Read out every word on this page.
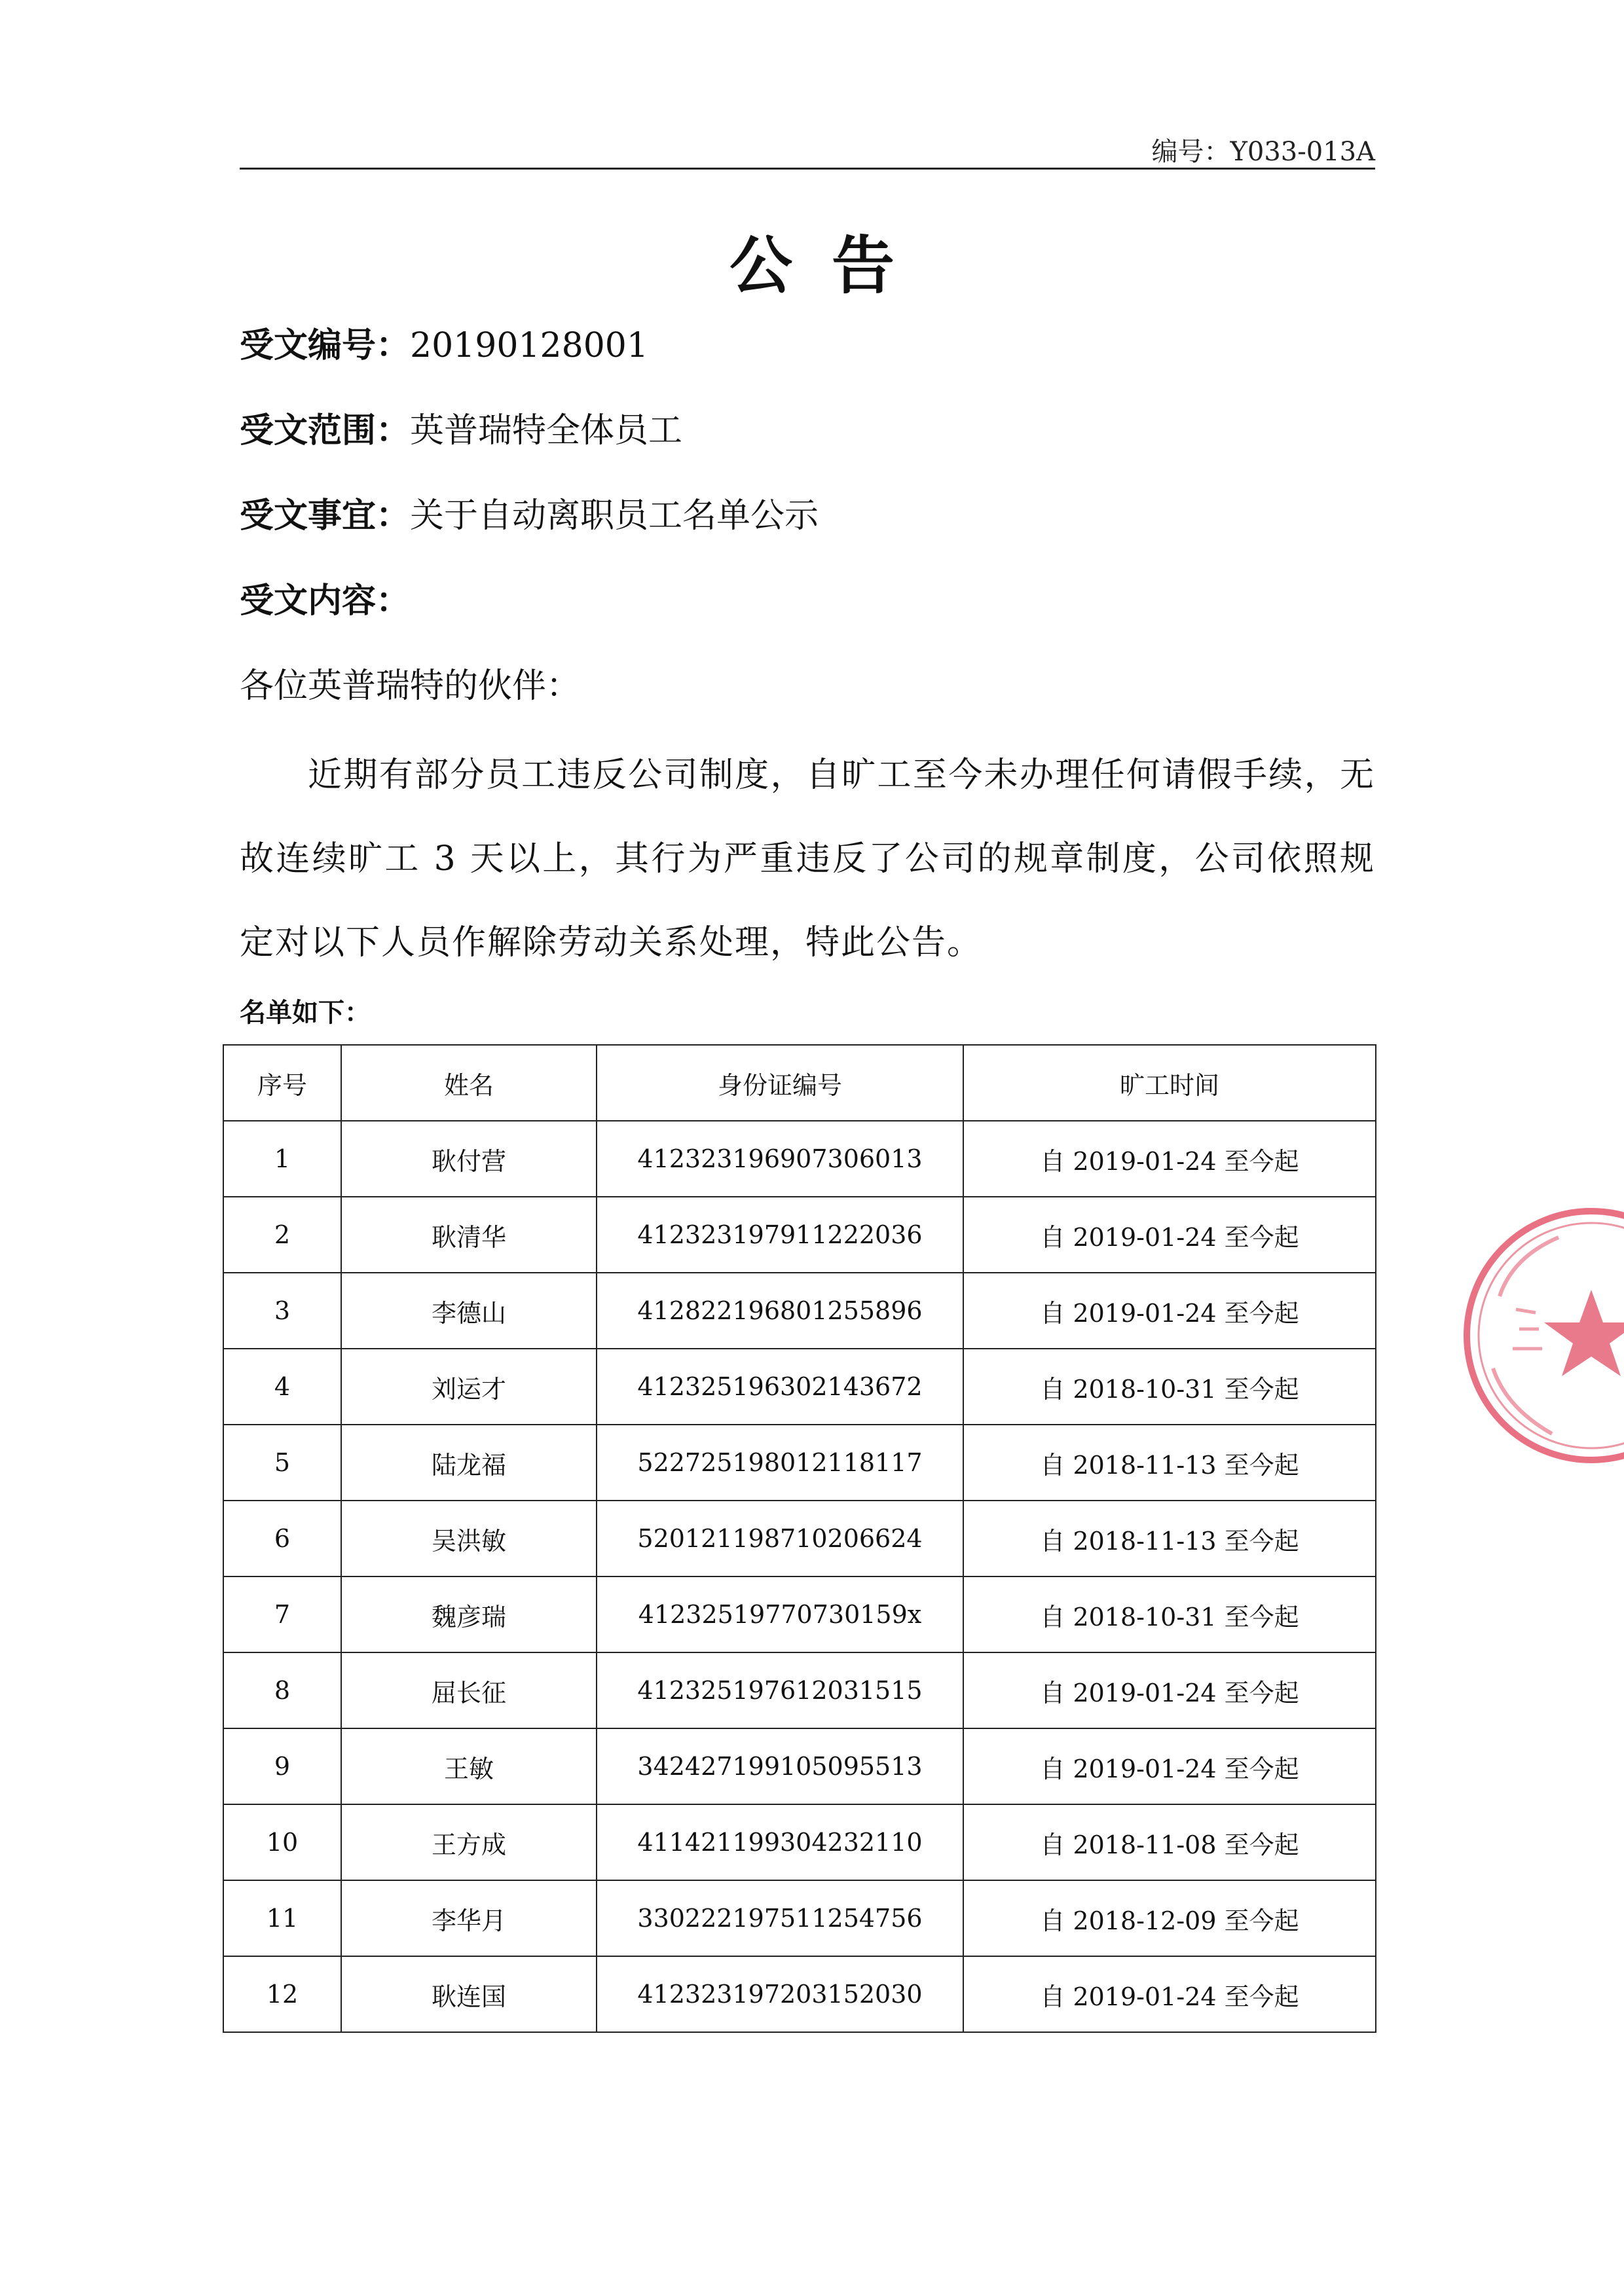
编号：Y033-013A
公告
受文编号：20190128001
受文范围：英普瑞特全体员工
受文事宜：关于自动离职员工名单公示
受文内容：
各位英普瑞特的伙伴：
近期有部分员工违反公司制度，自旷工至今未办理任何请假手续，无故连续旷工 3 天以上，其行为严重违反了公司的规章制度，公司依照规定对以下人员作解除劳动关系处理，特此公告。
名单如下：
序号	姓名	身份证编号	旷工时间
1	耿付营	412323196907306013	自 2019-01-24 至今起
2	耿清华	412323197911222036	自 2019-01-24 至今起
3	李德山	412822196801255896	自 2019-01-24 至今起
4	刘运才	412325196302143672	自 2018-10-31 至今起
5	陆龙福	522725198012118117	自 2018-11-13 至今起
6	吴洪敏	520121198710206624	自 2018-11-13 至今起
7	魏彦瑞	41232519770730159x	自 2018-10-31 至今起
8	屈长征	412325197612031515	自 2019-01-24 至今起
9	王敏	342427199105095513	自 2019-01-24 至今起
10	王方成	411421199304232110	自 2018-11-08 至今起
11	李华月	330222197511254756	自 2018-12-09 至今起
12	耿连国	412323197203152030	自 2019-01-24 至今起
